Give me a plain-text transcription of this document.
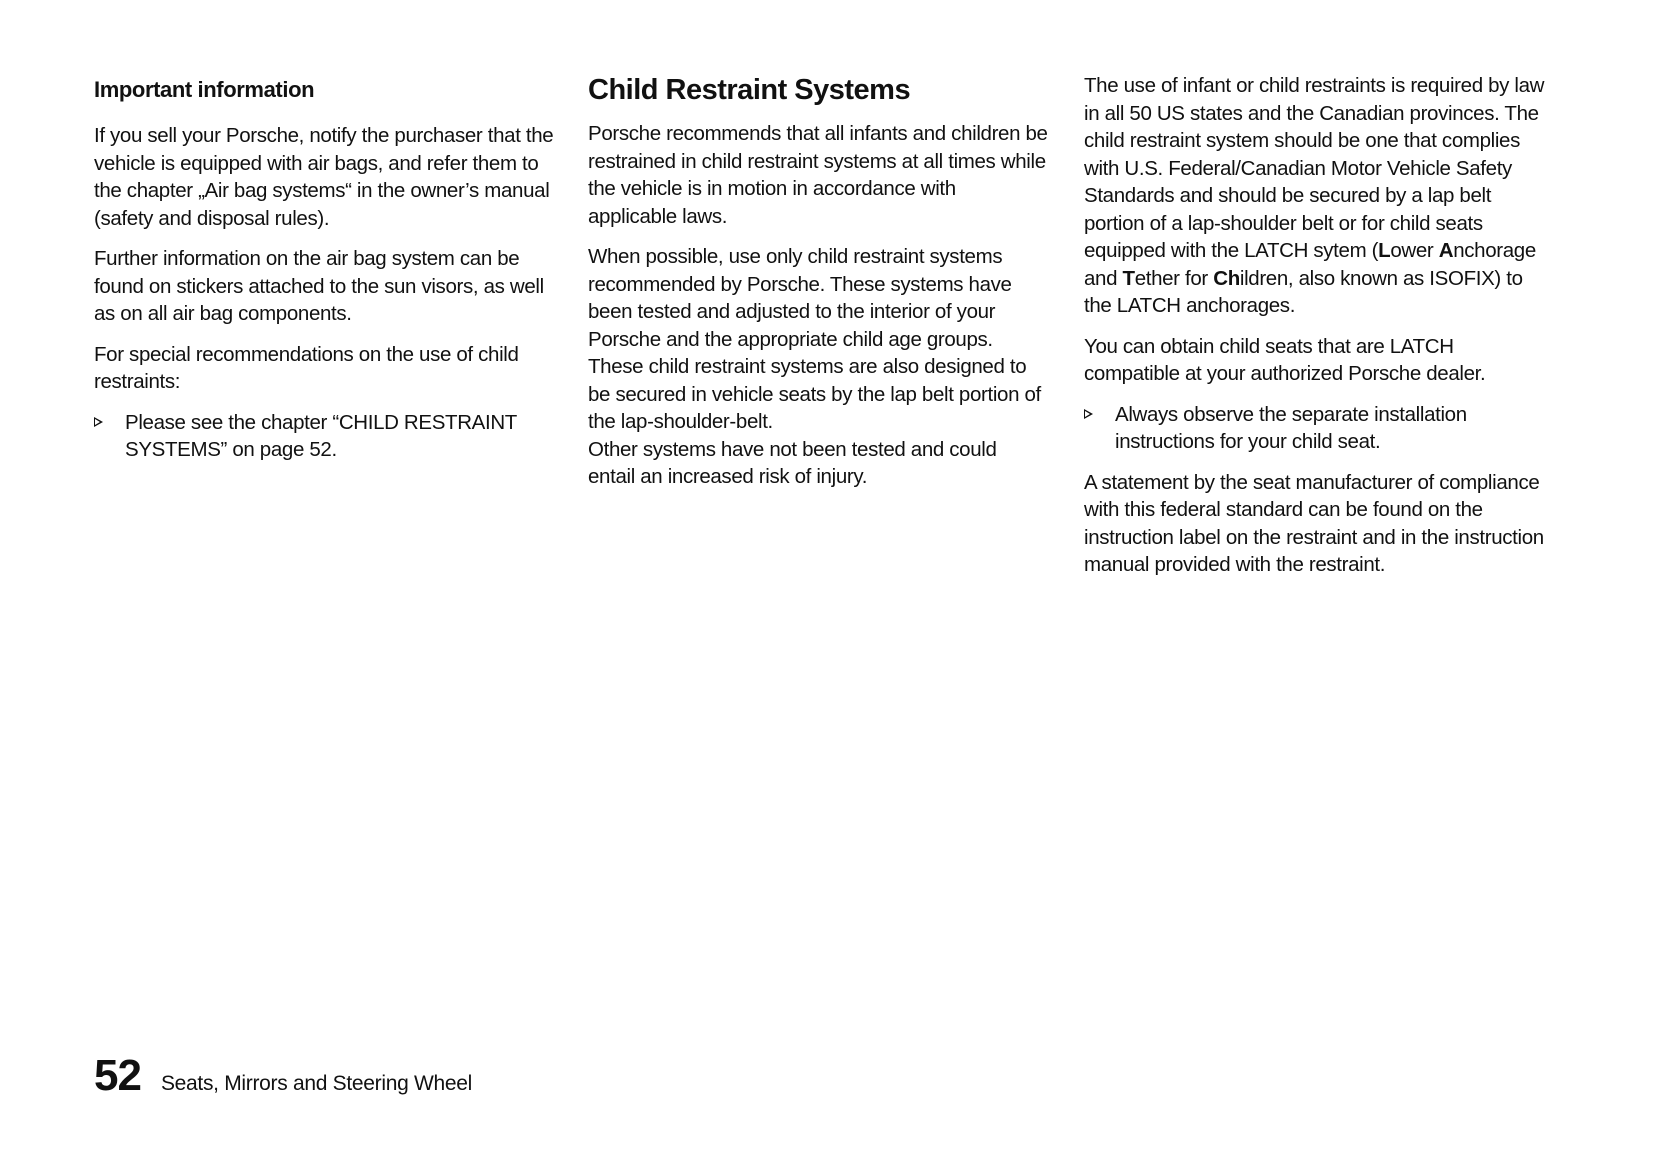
Important information

If you sell your Porsche, notify the purchaser that the vehicle is equipped with air bags, and refer them to the chapter „Air bag systems“ in the owner’s manual (safety and disposal rules).

Further information on the air bag system can be found on stickers attached to the sun visors, as well as on all air bag components.

For special recommendations on the use of child restraints:

Please see the chapter “CHILD RESTRAINT SYSTEMS” on page 52.
Child Restraint Systems

Porsche recommends that all infants and children be restrained in child restraint systems at all times while the vehicle is in motion in accordance with applicable laws.

When possible, use only child restraint systems recommended by Porsche. These systems have been tested and adjusted to the interior of your Porsche and the appropriate child age groups. These child restraint systems are also designed to be secured in vehicle seats by the lap belt portion of the lap-shoulder-belt.

Other systems have not been tested and could entail an increased risk of injury.

The use of infant or child restraints is required by law in all 50 US states and the Canadian provinces. The child restraint system should be one that complies with U.S. Federal/Canadian Motor Vehicle Safety Standards and should be secured by a lap belt portion of a lap-shoulder belt or for child seats equipped with the LATCH sytem (Lower Anchorage and Tether for Children, also known as ISOFIX) to the LATCH anchorages.

You can obtain child seats that are LATCH compatible at your authorized Porsche dealer.

Always observe the separate installation instructions for your child seat.

A statement by the seat manufacturer of compliance with this federal standard can be found on the instruction label on the restraint and in the instruction manual provided with the restraint.

52 Seats, Mirrors and Steering Wheel
